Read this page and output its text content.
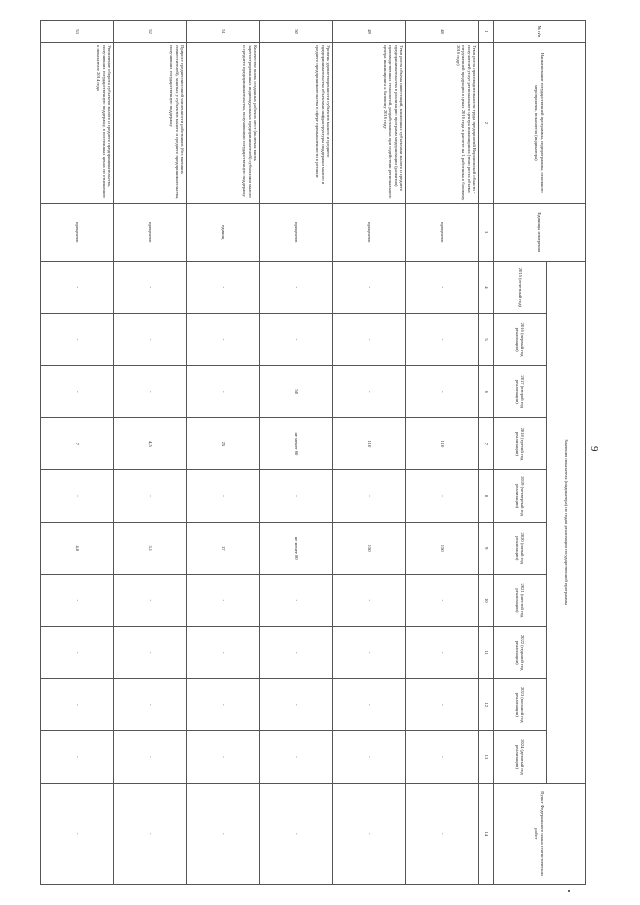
9
№ п/п	Наименование государственной программы, подпрограммы, основного мероприятия, показателя (индикатора)	Единицы измерения	Значения показателя (индикатора) по годам реализации государственной программы										Пункт Федерального плана статистических работ
			2015 (отчетный год)	2016 (первый год реализации)	2017 (второй год реализации)	2018 (третий год реализации)	2019 (четвертый год реализации)	2020 (пятый год реализации)	2021 (шестой год реализации)	2022 (седьмой год реализации)	2023 (восьмой год реализации)	2024 (девятый год реализации)	
1	2	3	4	5	6	7	8	9	10	11	12	13	14
48	Темп роста производительности труда предприятий Воронежской области - получателей услуг регионального центра инжиниринга (темп роста объема отгруженной продукции в ценах 2016 года в расчете на 1 работника к базовому 2016 году)	процентов	-	-	-	110	-	150	-	-	-	-	-
49	Темп роста объема инвестиций, вложенных субъектами малого и среднего предпринимательства в реализацию программ модернизации (развития) производственных технологий, разработанных при содействии регионального центра инжиниринга к базовому 2016 году	процентов	-	-	-	110	-	150	-	-	-	-	-
50	Уровень удовлетворенности субъектов малого и среднего предпринимательства объектами инфраструктуры поддержки малого и среднего предпринимательства в сфере промышленности в регионе	процентов	-	-	50	не менее 60	-	не менее 80	-	-	-	-	-
51	Количество вновь созданных рабочих мест (включая вновь зарегистрированных индивидуальных предпринимателей) субъектами малого и среднего предпринимательства, получившими государственную поддержку	единиц	-	-	-	25	-	17	-	-	-	-	-
52	Прирост среднесписочной численности работников (без внешних совместителей), занятых у субъектов малого и среднего предпринимательства, получивших государственную поддержку	процентов	-	-	-	4,5	-	3,1	-	-	-	-	-
53	Увеличение оборота субъектов малого и среднего предпринимательства, получивших государственную поддержку, в постоянных ценах по отношению к показателю 2014 года	процентов	-	-	-	7	-	4,8	-	-	-	-	-
